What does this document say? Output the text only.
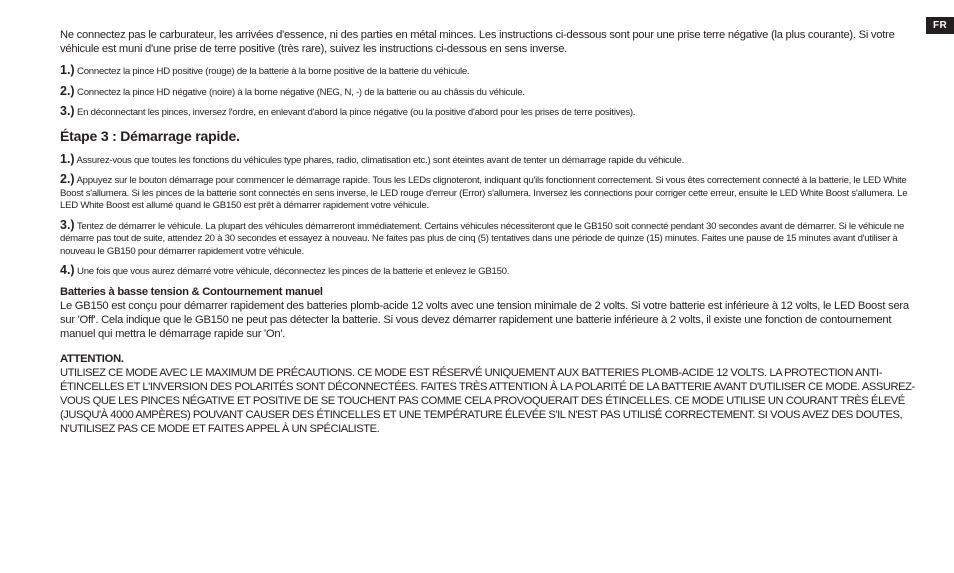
FR

Ne connectez pas le carburateur, les arrivées d'essence, ni des parties en métal minces. Les instructions ci-dessous sont pour une prise terre négative (la plus courante). Si votre véhicule est muni d'une prise de terre positive (très rare), suivez les instructions ci-dessous en sens inverse.

1.) Connectez la pince HD positive (rouge) de la batterie à la borne positive de la batterie du véhicule.

2.) Connectez la pince HD négative (noire) à la borne négative (NEG, N, -) de la batterie ou au châssis du véhicule.

3.) En déconnectant les pinces, inversez l'ordre, en enlevant d'abord la pince négative (ou la positive d'abord pour les prises de terre positives).

Étape 3 : Démarrage rapide.

1.) Assurez-vous que toutes les fonctions du véhicules type phares, radio, climatisation etc.) sont éteintes avant de tenter un démarrage rapide du véhicule.

2.) Appuyez sur le bouton démarrage pour commencer le démarrage rapide. Tous les LEDs clignoteront, indiquant qu'ils fonctionnent correctement. Si vous êtes correctement connecté à la batterie, le LED White Boost s'allumera. Si les pinces de la batterie sont connectés en sens inverse, le LED rouge d'erreur (Error) s'allumera. Inversez les connections pour corriger cette erreur, ensuite le LED White Boost s'allumera. Le LED White Boost est allumé quand le GB150 est prêt à démarrer rapidement votre véhicule.

3.) Tentez de démarrer le véhicule. La plupart des véhicules démarreront immédiatement. Certains véhicules nécessiteront que le GB150 soit connecté pendant 30 secondes avant de démarrer. Si le véhicule ne démarre pas tout de suite, attendez 20 à 30 secondes et essayez à nouveau. Ne faites pas plus de cinq (5) tentatives dans une période de quinze (15) minutes. Faites une pause de 15 minutes avant d'utiliser à nouveau le GB150 pour démarrer rapidement votre véhicule.

4.) Une fois que vous aurez démarré votre véhicule, déconnectez les pinces de la batterie et enlevez le GB150.

Batteries à basse tension & Contournement manuel

Le GB150 est conçu pour démarrer rapidement des batteries plomb-acide 12 volts avec une tension minimale de 2 volts. Si votre batterie est inférieure à 12 volts, le LED Boost sera sur 'Off'. Cela indique que le GB150 ne peut pas détecter la batterie. Si vous devez démarrer rapidement une batterie inférieure à 2 volts, il existe une fonction de contournement manuel qui mettra le démarrage rapide sur 'On'.

ATTENTION.

UTILISEZ CE MODE AVEC LE MAXIMUM DE PRÉCAUTIONS. CE MODE EST RÉSERVÉ UNIQUEMENT AUX BATTERIES PLOMB-ACIDE 12 VOLTS. LA PROTECTION ANTI-ÉTINCELLES ET L'INVERSION DES POLARITÉS SONT DÉCONNECTÉES. FAITES TRÈS ATTENTION À LA POLARITÉ DE LA BATTERIE AVANT D'UTILISER CE MODE. ASSUREZ-VOUS QUE LES PINCES NÉGATIVE ET POSITIVE DE SE TOUCHENT PAS COMME CELA PROVOQUERAIT DES ÉTINCELLES. CE MODE UTILISE UN COURANT TRÈS ÉLEVÉ (JUSQU'À 4000 AMPÈRES) POUVANT CAUSER DES ÉTINCELLES ET UNE TEMPÉRATURE ÉLEVÉE S'IL N'EST PAS UTILISÉ CORRECTEMENT. SI VOUS AVEZ DES DOUTES, N'UTILISEZ PAS CE MODE ET FAITES APPEL À UN SPÉCIALISTE.
